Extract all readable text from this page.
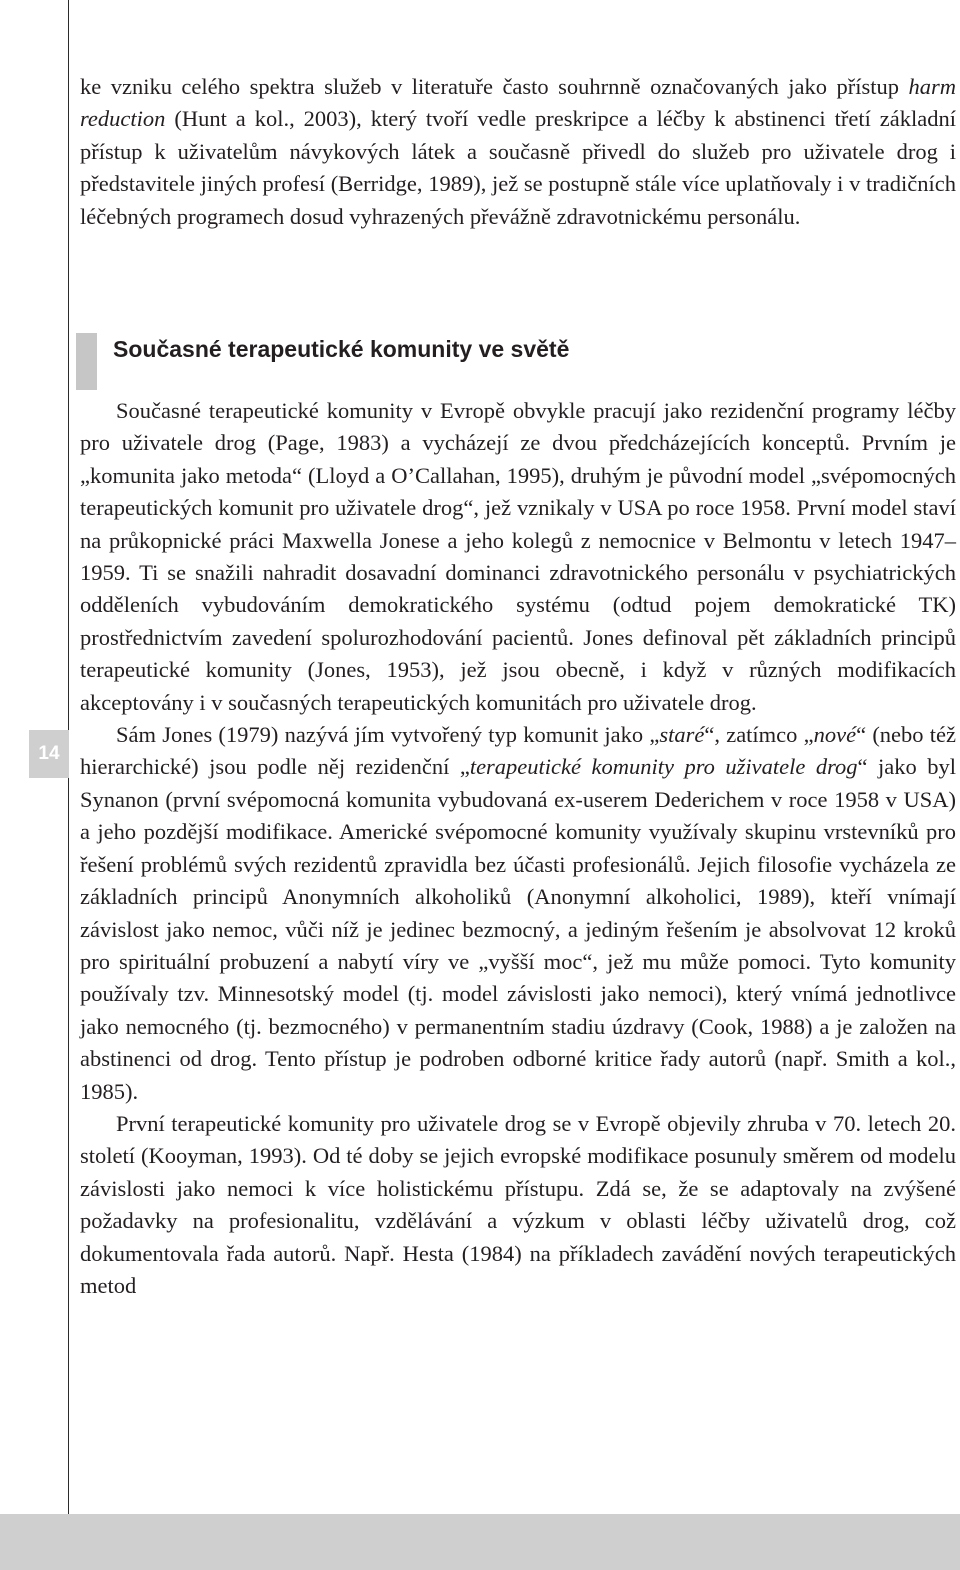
14

ke vzniku celého spektra služeb v literatuře často souhrnně označovaných jako přístup harm reduction (Hunt a kol., 2003), který tvoří vedle preskripce a léčby k abstinenci třetí základní přístup k uživatelům návykových látek a současně přivedl do služeb pro uživatele drog i představitele jiných profesí (Berridge, 1989), jež se postupně stále více uplatňovaly i v tradičních léčebných programech dosud vyhrazených převážně zdravotnickému personálu.

Současné terapeutické komunity ve světě

Současné terapeutické komunity v Evropě obvykle pracují jako rezidenční programy léčby pro uživatele drog (Page, 1983) a vycházejí ze dvou předcházejících konceptů. Prvním je „komunita jako metoda“ (Lloyd a O’Callahan, 1995), druhým je původní model „svépomocných terapeutických komunit pro uživatele drog“, jež vznikaly v USA po roce 1958. První model staví na průkopnické práci Maxwella Jonese a jeho kolegů z nemocnice v Belmontu v letech 1947–1959. Ti se snažili nahradit dosavadní dominanci zdravotnického personálu v psychiatrických odděleních vybudováním demokratického systému (odtud pojem demokratické TK) prostřednictvím zavedení spolurozhodování pacientů. Jones definoval pět základních principů terapeutické komunity (Jones, 1953), jež jsou obecně, i když v různých modifikacích akceptovány i v současných terapeutických komunitách pro uživatele drog.

Sám Jones (1979) nazývá jím vytvořený typ komunit jako „staré“, zatímco „nové“ (nebo též hierarchické) jsou podle něj rezidenční „terapeutické komunity pro uživatele drog“ jako byl Synanon (první svépomocná komunita vybudovaná ex-userem Dederichem v roce 1958 v USA) a jeho pozdější modifikace. Americké svépomocné komunity využívaly skupinu vrstevníků pro řešení problémů svých rezidentů zpravidla bez účasti profesionálů. Jejich filosofie vycházela ze základních principů Anonymních alkoholiků (Anonymní alkoholici, 1989), kteří vnímají závislost jako nemoc, vůči níž je jedinec bezmocný, a jediným řešením je absolvovat 12 kroků pro spirituální probuzení a nabytí víry ve „vyšší moc“, jež mu může pomoci. Tyto komunity používaly tzv. Minnesotský model (tj. model závislosti jako nemoci), který vnímá jednotlivce jako nemocného (tj. bezmocného) v permanentním stadiu úzdravy (Cook, 1988) a je založen na abstinenci od drog. Tento přístup je podroben odborné kritice řady autorů (např. Smith a kol., 1985).

První terapeutické komunity pro uživatele drog se v Evropě objevily zhruba v 70. letech 20. století (Kooyman, 1993). Od té doby se jejich evropské modifikace posunuly směrem od modelu závislosti jako nemoci k více holistickému přístupu. Zdá se, že se adaptovaly na zvýšené požadavky na profesionalitu, vzdělávání a výzkum v oblasti léčby uživatelů drog, což dokumentovala řada autorů. Např. Hesta (1984) na příkladech zavádění nových terapeutických metod
